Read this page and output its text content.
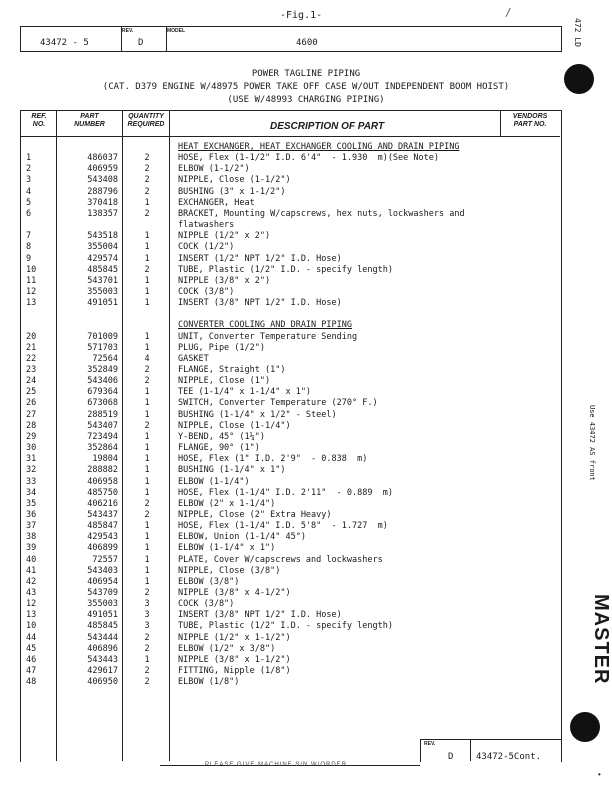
-Fig.1-	/
43472 - 5
REV.
D
MODEL
4600
POWER TAGLINE PIPING
(CAT. D379 ENGINE W/48975 POWER TAKE OFF CASE W/OUT INDEPENDENT BOOM HOIST)
(USE W/48993 CHARGING PIPING)
REF.
NO.
PART
NUMBER
QUANTITY
REQUIRED	DESCRIPTION OF PART
VENDORS
PART NO.
HEAT EXCHANGER, HEAT EXCHANGER COOLING AND DRAIN PIPING
1	486037	2	HOSE, Flex (1-1/2" I.D. 6'4"  - 1.930  m)(See Note)
2	406959	2	ELBOW (1-1/2")
3	543408	2	NIPPLE, Close (1-1/2")
4	288796	2	BUSHING (3" x 1-1/2")
5	370418	1	EXCHANGER, Heat
6	138357	2	BRACKET, Mounting W/capscrews, hex nuts, lockwashers and
flatwashers
7	543518	1	NIPPLE (1/2" x 2")
8	355004	1	COCK (1/2")
9	429574	1	INSERT (1/2" NPT 1/2" I.D. Hose)
10	485845	2	TUBE, Plastic (1/2" I.D. - specify length)
11	543701	1	NIPPLE (3/8" x 2")
12	355003	1	COCK (3/8")
13	491051	1	INSERT (3/8" NPT 1/2" I.D. Hose)
CONVERTER COOLING AND DRAIN PIPING
20	701009	1	UNIT, Converter Temperature Sending
21	571703	1	PLUG, Pipe (1/2")
22	72564	4	GASKET
23	352849	2	FLANGE, Straight (1")
24	543406	2	NIPPLE, Close (1")
25	679364	1	TEE (1-1/4" x 1-1/4" x 1")
26	673068	1	SWITCH, Converter Temperature (270° F.)
27	288519	1	BUSHING (1-1/4" x 1/2" - Steel)
28	543407	2	NIPPLE, Close (1-1/4")
29	723494	1	Y-BEND, 45° (1¼")
30	352864	1	FLANGE, 90° (1")
31	19804	1	HOSE, Flex (1" I.D. 2'9"  - 0.838  m)
32	288882	1	BUSHING (1-1/4" x 1")
33	406958	1	ELBOW (1-1/4")
34	485750	1	HOSE, Flex (1-1/4" I.D. 2'11"  - 0.889  m)
35	406216	2	ELBOW (2" x 1-1/4")
36	543437	2	NIPPLE, Close (2" Extra Heavy)
37	485847	1	HOSE, Flex (1-1/4" I.D. 5'8"  - 1.727  m)
38	429543	1	ELBOW, Union (1-1/4" 45°)
39	406899	1	ELBOW (1-1/4" x 1")
40	72557	1	PLATE, Cover W/capscrews and lockwashers
41	543403	1	NIPPLE, Close (3/8")
42	406954	1	ELBOW (3/8")
43	543709	2	NIPPLE (3/8" x 4-1/2")
12	355003	3	COCK (3/8")
13	491051	3	INSERT (3/8" NPT 1/2" I.D. Hose)
10	485845	3	TUBE, Plastic (1/2" I.D. - specify length)
44	543444	2	NIPPLE (1/2" x 1-1/2")
45	406896	2	ELBOW (1/2" x 3/8")
46	543443	1	NIPPLE (3/8" x 1-1/2")
47	429617	2	FITTING, Nipple (1/8")
48	406950	2	ELBOW (1/8")
REV.
D	43472-5Cont.
PLEASE GIVE MACHINE S/N W/ORDER
472 LD
Use 43472 AS front
MASTER
•
